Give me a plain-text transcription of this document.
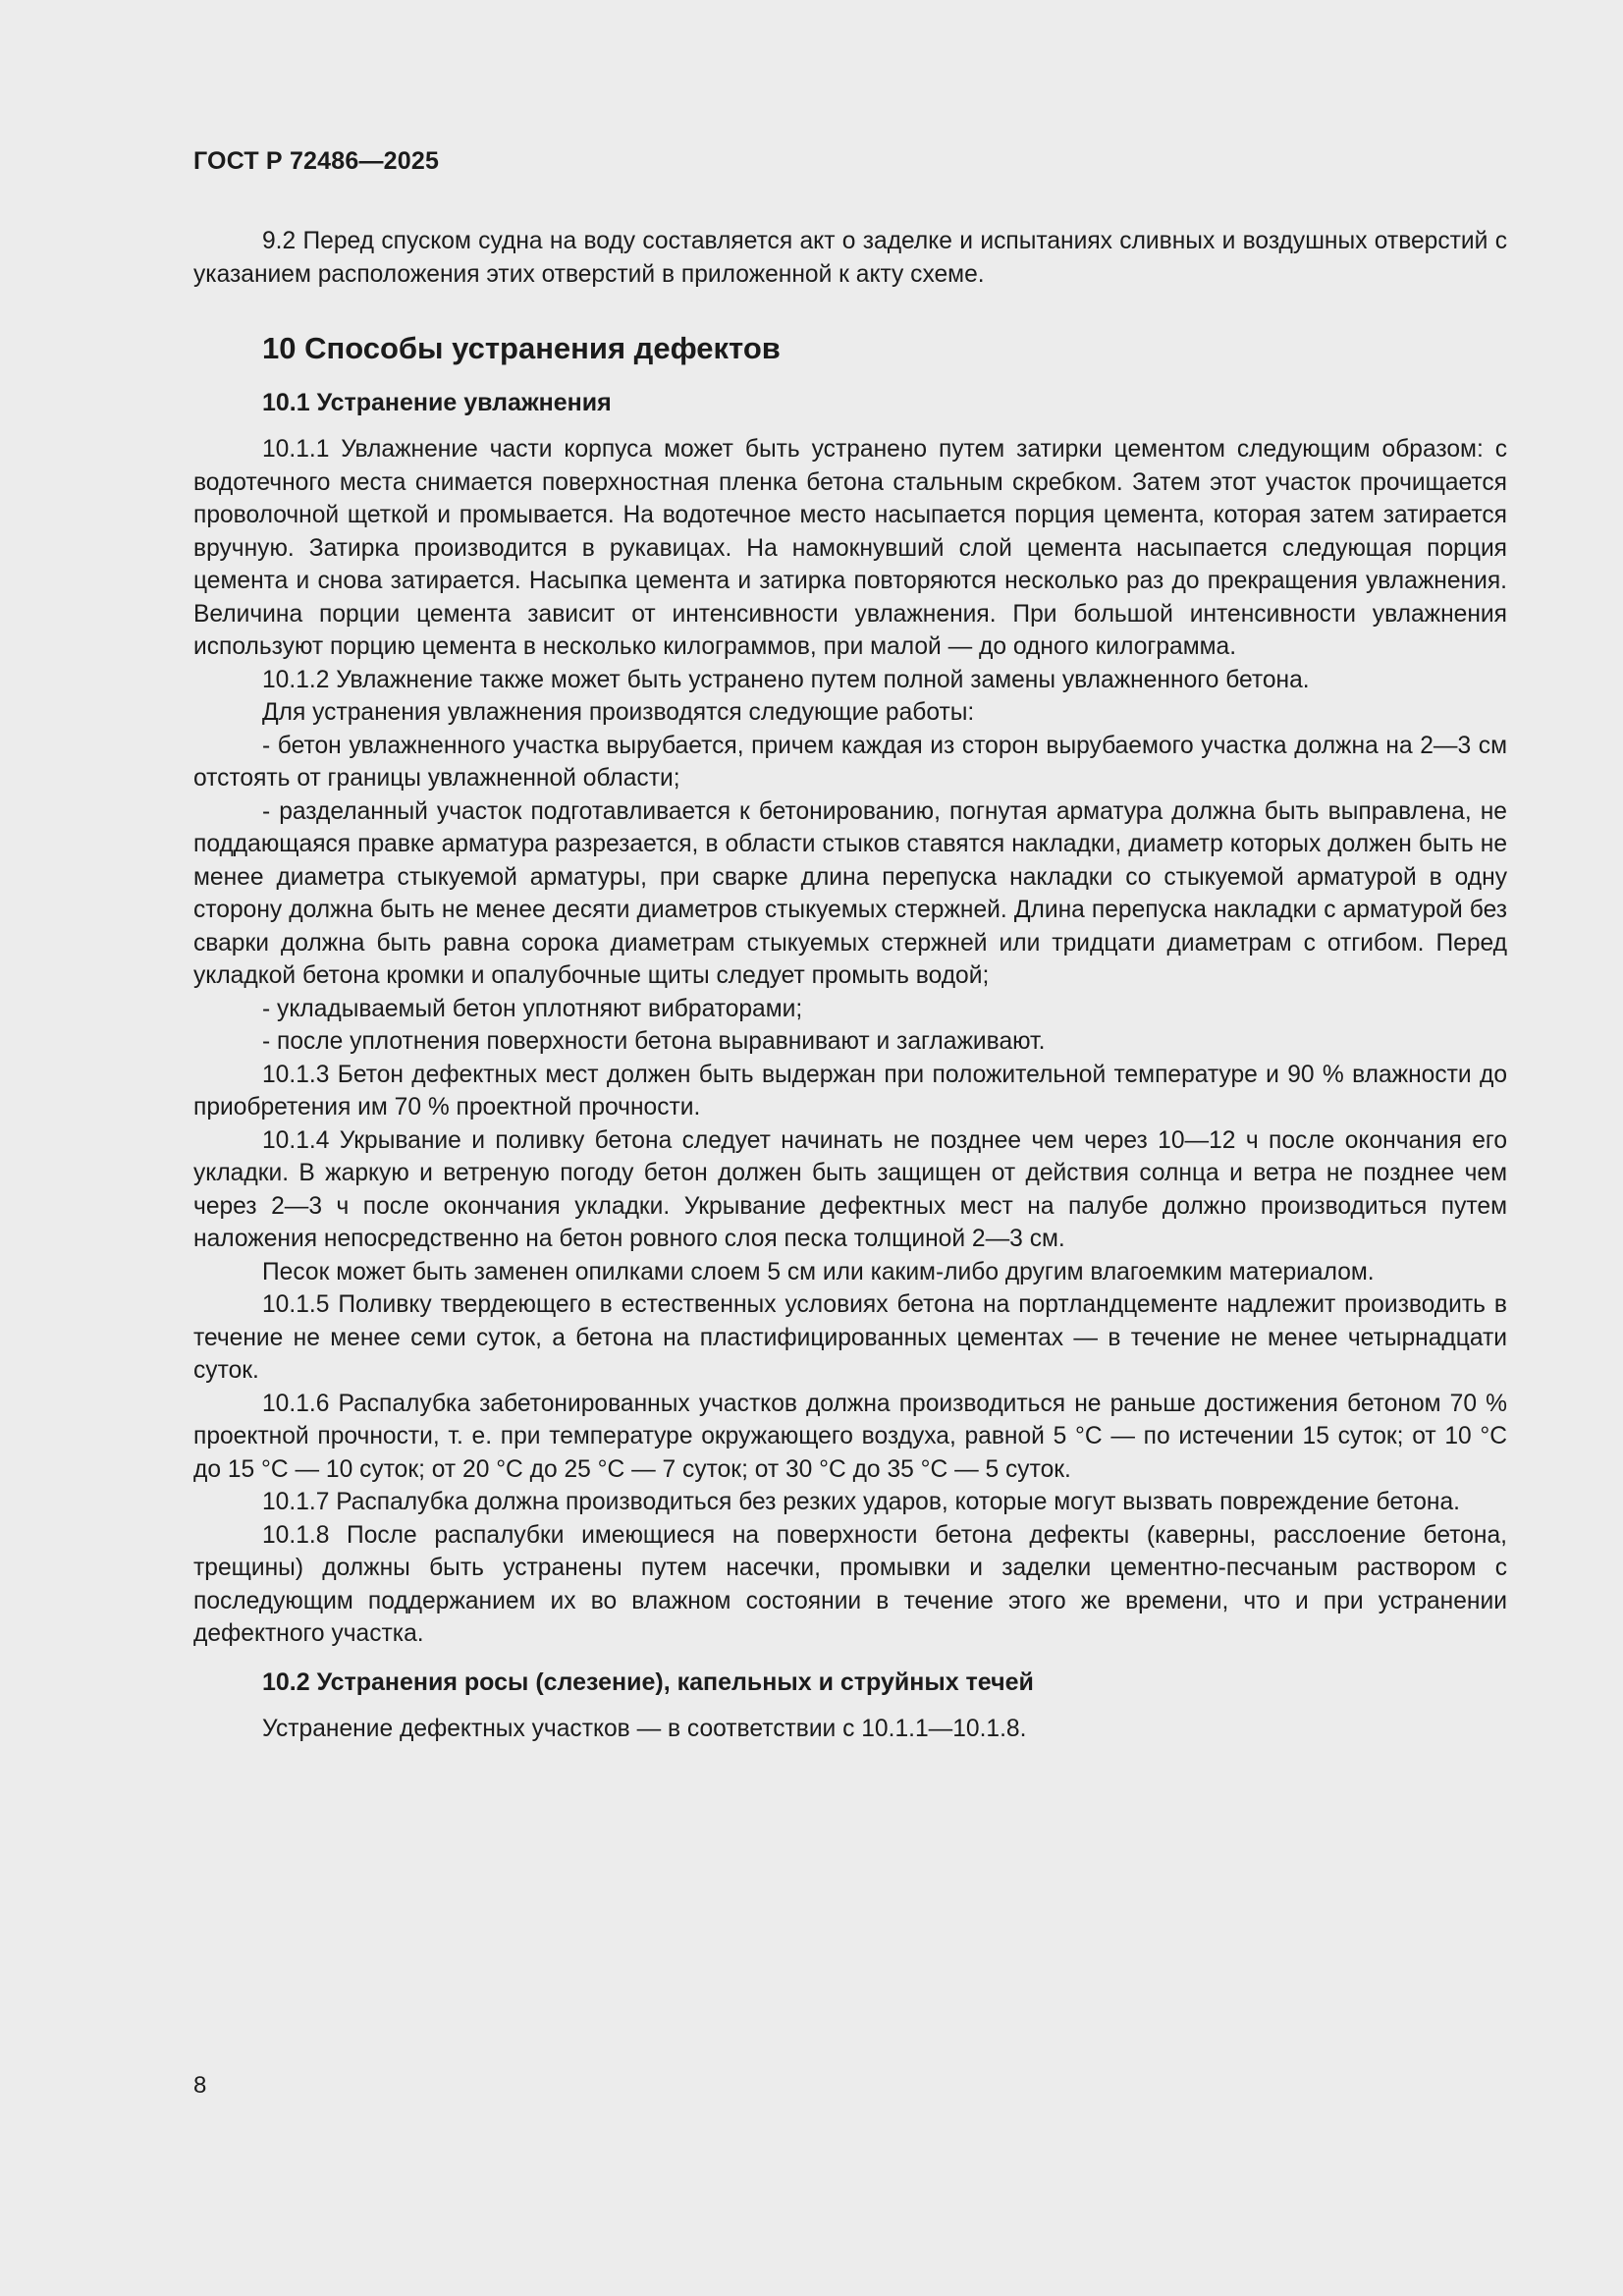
ГОСТ Р 72486—2025

9.2 Перед спуском судна на воду составляется акт о заделке и испытаниях сливных и воздушных отверстий с указанием расположения этих отверстий в приложенной к акту схеме.

10 Способы устранения дефектов
10.1 Устранение увлажнения

10.1.1 Увлажнение части корпуса может быть устранено путем затирки цементом следующим образом: с водотечного места снимается поверхностная пленка бетона стальным скребком. Затем этот участок прочищается проволочной щеткой и промывается. На водотечное место насыпается порция цемента, которая затем затирается вручную. Затирка производится в рукавицах. На намокнувший слой цемента насыпается следующая порция цемента и снова затирается. Насыпка цемента и затирка повторяются несколько раз до прекращения увлажнения. Величина порции цемента зависит от интенсивности увлажнения. При большой интенсивности увлажнения используют порцию цемента в несколько килограммов, при малой — до одного килограмма.

10.1.2 Увлажнение также может быть устранено путем полной замены увлажненного бетона.

Для устранения увлажнения производятся следующие работы:

- бетон увлажненного участка вырубается, причем каждая из сторон вырубаемого участка должна на 2—3 см отстоять от границы увлажненной области;

- разделанный участок подготавливается к бетонированию, погнутая арматура должна быть выправлена, не поддающаяся правке арматура разрезается, в области стыков ставятся накладки, диаметр которых должен быть не менее диаметра стыкуемой арматуры, при сварке длина перепуска накладки со стыкуемой арматурой в одну сторону должна быть не менее десяти диаметров стыкуемых стержней. Длина перепуска накладки с арматурой без сварки должна быть равна сорока диаметрам стыкуемых стержней или тридцати диаметрам с отгибом. Перед укладкой бетона кромки и опалубочные щиты следует промыть водой;

- укладываемый бетон уплотняют вибраторами;

- после уплотнения поверхности бетона выравнивают и заглаживают.

10.1.3 Бетон дефектных мест должен быть выдержан при положительной температуре и 90 % влажности до приобретения им 70 % проектной прочности.

10.1.4 Укрывание и поливку бетона следует начинать не позднее чем через 10—12 ч после окончания его укладки. В жаркую и ветреную погоду бетон должен быть защищен от действия солнца и ветра не позднее чем через 2—3 ч после окончания укладки. Укрывание дефектных мест на палубе должно производиться путем наложения непосредственно на бетон ровного слоя песка толщиной 2—3 см.

Песок может быть заменен опилками слоем 5 см или каким-либо другим влагоемким материалом.

10.1.5 Поливку твердеющего в естественных условиях бетона на портландцементе надлежит производить в течение не менее семи суток, а бетона на пластифицированных цементах — в течение не менее четырнадцати суток.

10.1.6 Распалубка забетонированных участков должна производиться не раньше достижения бетоном 70 % проектной прочности, т. е. при температуре окружающего воздуха, равной 5 °С — по истечении 15 суток; от 10 °С до 15 °С — 10 суток; от 20 °С до 25 °С — 7 суток; от 30 °С до 35 °С — 5 суток.

10.1.7 Распалубка должна производиться без резких ударов, которые могут вызвать повреждение бетона.

10.1.8 После распалубки имеющиеся на поверхности бетона дефекты (каверны, расслоение бетона, трещины) должны быть устранены путем насечки, промывки и заделки цементно-песчаным раствором с последующим поддержанием их во влажном состоянии в течение этого же времени, что и при устранении дефектного участка.

10.2 Устранения росы (слезение), капельных и струйных течей

Устранение дефектных участков — в соответствии с 10.1.1—10.1.8.

8
